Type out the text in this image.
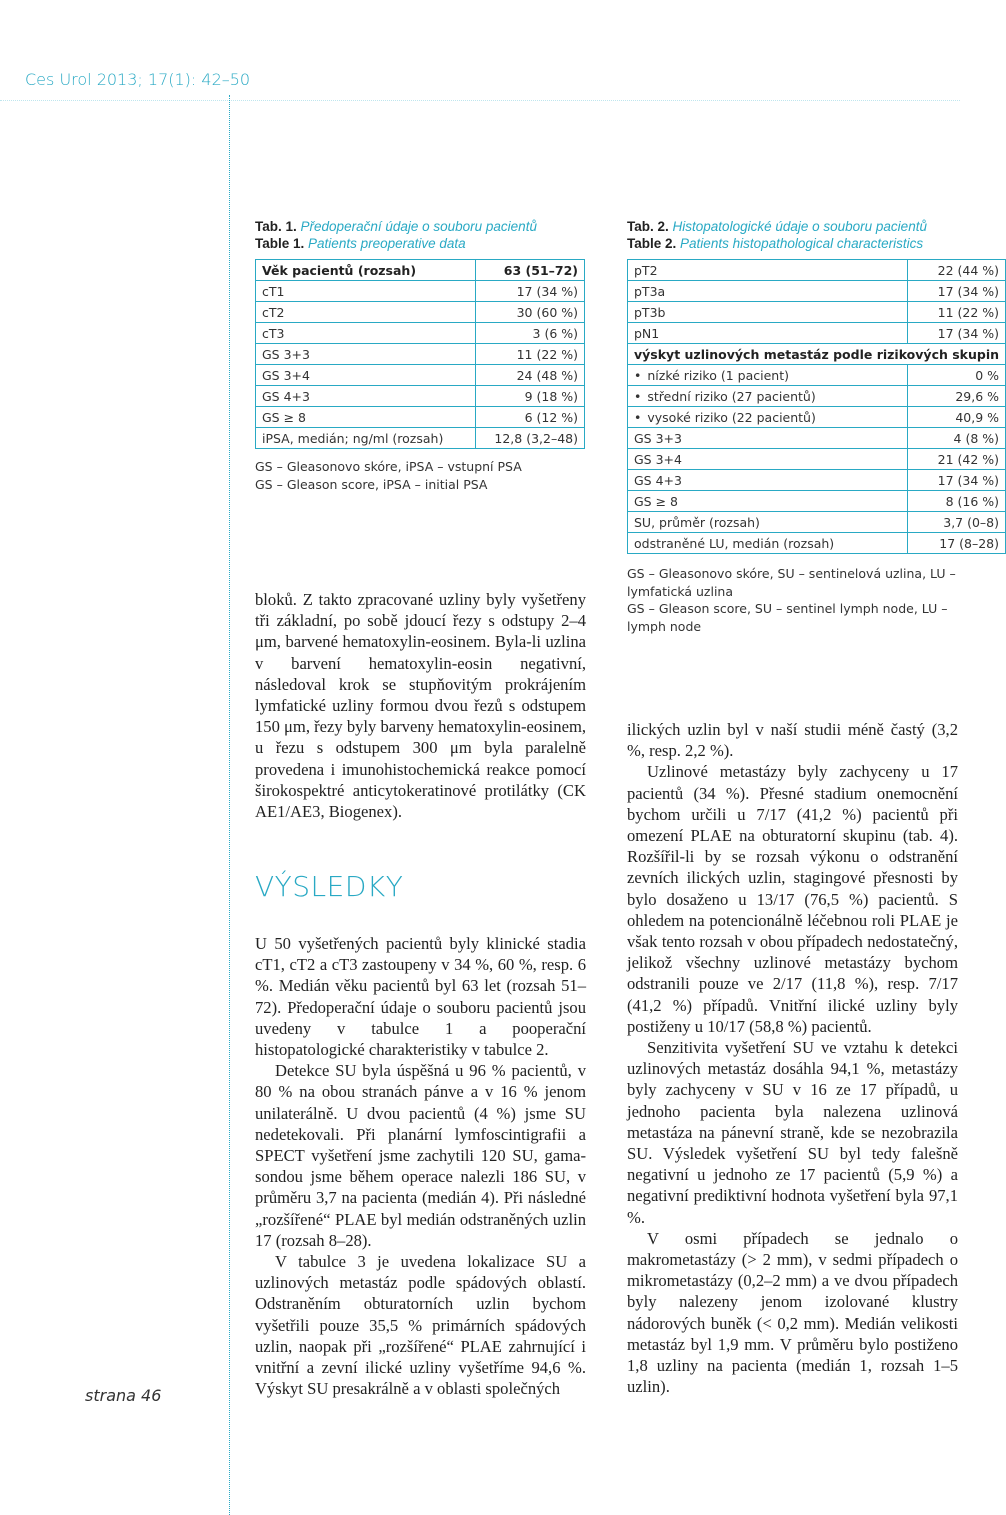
Ces Urol 2013; 17(1): 42–50
strana 46
Tab. 1. Předoperační údaje o souboru pacientů
Table 1. Patients preoperative data
Věk pacientů (rozsah)	63 (51–72)
cT1	17 (34 %)
cT2	30 (60 %)
cT3	3 (6 %)
GS 3+3	11 (22 %)
GS 3+4	24 (48 %)
GS 4+3	9 (18 %)
GS ≥ 8	6 (12 %)
iPSA, medián; ng/ml (rozsah)	12,8 (3,2–48)
GS – Gleasonovo skóre, iPSA – vstupní PSA
GS – Gleason score, iPSA – initial PSA
Tab. 2. Histopatologické údaje o souboru pacientů
Table 2. Patients histopathological characteristics
pT2	22 (44 %)
pT3a	17 (34 %)
pT3b	11 (22 %)
pN1	17 (34 %)
výskyt uzlinových metastáz podle rizikových skupin	
• nízké riziko (1 pacient)	0 %
• střední riziko (27 pacientů)	29,6 %
• vysoké riziko (22 pacientů)	40,9 %
GS 3+3	4 (8 %)
GS 3+4	21 (42 %)
GS 4+3	17 (34 %)
GS ≥ 8	8 (16 %)
SU, průměr (rozsah)	3,7 (0–8)
odstraněné LU, medián (rozsah)	17 (8–28)
GS – Gleasonovo skóre, SU – sentinelová uzlina, LU – lymfatická uzlina
GS – Gleason score, SU – sentinel lymph node, LU – lymph node

bloků. Z takto zpracované uzliny byly vyšetřeny tři základní, po sobě jdoucí řezy s odstupy 2–4 μm, barvené hematoxylin-eosinem. Byla-li uzlina v barvení hematoxylin-eosin negativní, následoval krok se stupňovitým prokrájením lymfatické uzliny formou dvou řezů s odstupem 150 μm, řezy byly barveny hematoxylin-eosinem, u řezu s odstupem 300 μm byla paralelně provedena i imunohistochemická reakce pomocí širokospektré anticytokeratinové protilátky (CK AE1/AE3, Biogenex).

VÝSLEDKY

U 50 vyšetřených pacientů byly klinické stadia cT1, cT2 a cT3 zastoupeny v 34 %, 60 %, resp. 6 %. Medián věku pacientů byl 63 let (rozsah 51–72). Předoperační údaje o souboru pacientů jsou uvedeny v tabulce 1 a pooperační histopatologické charakteristiky v tabulce 2.

Detekce SU byla úspěšná u 96 % pacientů, v 80 % na obou stranách pánve a v 16 % jenom unilaterálně. U dvou pacientů (4 %) jsme SU nedetekovali. Při planární lymfoscintigrafii a SPECT vyšetření jsme zachytili 120 SU, gama-sondou jsme během operace nalezli 186 SU, v průměru 3,7 na pacienta (medián 4). Při následné „rozšířené“ PLAE byl medián odstraněných uzlin 17 (rozsah 8–28).

V tabulce 3 je uvedena lokalizace SU a uzlinových metastáz podle spádových oblastí. Odstraněním obturatorních uzlin bychom vyšetřili pouze 35,5 % primárních spádových uzlin, naopak při „rozšířené“ PLAE zahrnující i vnitřní a zevní ilické uzliny vyšetříme 94,6 %. Výskyt SU presakrálně a v oblasti společných

ilických uzlin byl v naší studii méně častý (3,2 %, resp. 2,2 %).

Uzlinové metastázy byly zachyceny u 17 pacientů (34 %). Přesné stadium onemocnění bychom určili u 7/17 (41,2 %) pacientů při omezení PLAE na obturatorní skupinu (tab. 4). Rozšířil-li by se rozsah výkonu o odstranění zevních ilických uzlin, stagingové přesnosti by bylo dosaženo u 13/17 (76,5 %) pacientů. S ohledem na potencionálně léčebnou roli PLAE je však tento rozsah v obou případech nedostatečný, jelikož všechny uzlinové metastázy bychom odstranili pouze ve 2/17 (11,8 %), resp. 7/17 (41,2 %) případů. Vnitřní ilické uzliny byly postiženy u 10/17 (58,8 %) pacientů.

Senzitivita vyšetření SU ve vztahu k detekci uzlinových metastáz dosáhla 94,1 %, metastázy byly zachyceny v SU v 16 ze 17 případů, u jednoho pacienta byla nalezena uzlinová metastáza na pánevní straně, kde se nezobrazila SU. Výsledek vyšetření SU byl tedy falešně negativní u jednoho ze 17 pacientů (5,9 %) a negativní prediktivní hodnota vyšetření byla 97,1 %.

V osmi případech se jednalo o makrometastázy (> 2 mm), v sedmi případech o mikrometastázy (0,2–2 mm) a ve dvou případech byly nalezeny jenom izolované klustry nádorových buněk (< 0,2 mm). Medián velikosti metastáz byl 1,9 mm. V průměru bylo postiženo 1,8 uzliny na pacienta (medián 1, rozsah 1–5 uzlin).
